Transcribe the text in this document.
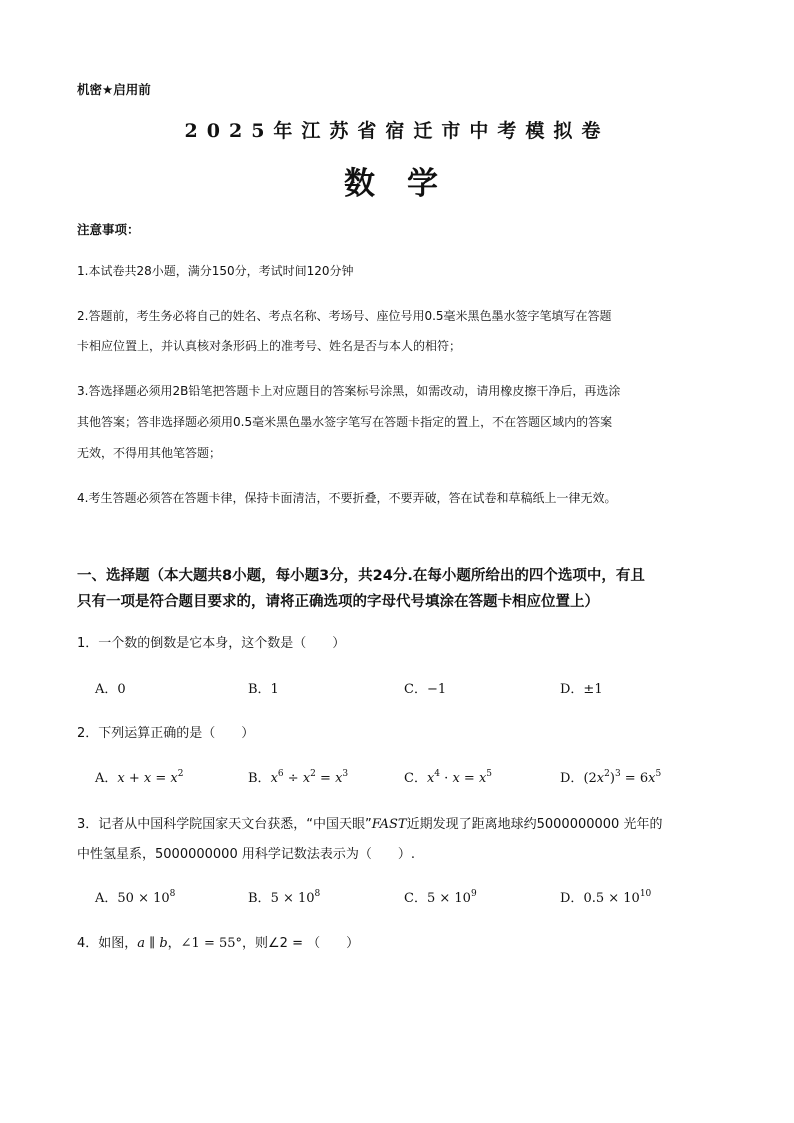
机密★启用前
2025年江苏省宿迁市中考模拟卷
数学
注意事项：
1.本试卷共28小题，满分150分，考试时间120分钟
2.答题前，考生务必将自己的姓名、考点名称、考场号、座位号用0.5毫米黑色墨水签字笔填写在答题
卡相应位置上，并认真核对条形码上的准考号、姓名是否与本人的相符；
3.答选择题必须用2B铅笔把答题卡上对应题目的答案标号涂黑，如需改动，请用橡皮擦干净后，再选涂
其他答案；答非选择题必须用0.5毫米黑色墨水签字笔写在答题卡指定的置上，不在答题区域内的答案
无效，不得用其他笔答题；
4.考生答题必须答在答题卡律，保持卡面清洁，不要折叠，不要弄破，答在试卷和草稿纸上一律无效。
一、选择题（本大题共8小题，每小题3分，共24分.在每小题所给出的四个选项中，有且
只有一项是符合题目要求的，请将正确选项的字母代号填涂在答题卡相应位置上）
1．一个数的倒数是它本身，这个数是（　　）
A．0	B．1	C．−1	D．±1
2．下列运算正确的是（　　）
A．$x + x = x^2$	B．$x^6 \div x^2 = x^3$	C．$x^4 \cdot x = x^5$	D．$(2x^2)^3 = 6x^5$
3．记者从中国科学院国家天文台获悉，“中国天眼”FAST近期发现了距离地球约5000000000 光年的
中性氢星系，5000000000 用科学记数法表示为（　　）.
A．$50 \times 10^8$	B．$5 \times 10^8$	C．$5 \times 10^9$	D．$0.5 \times 10^{10}$
4．如图，a ∥ b，∠1 = 55°，则∠2 = （　　）
